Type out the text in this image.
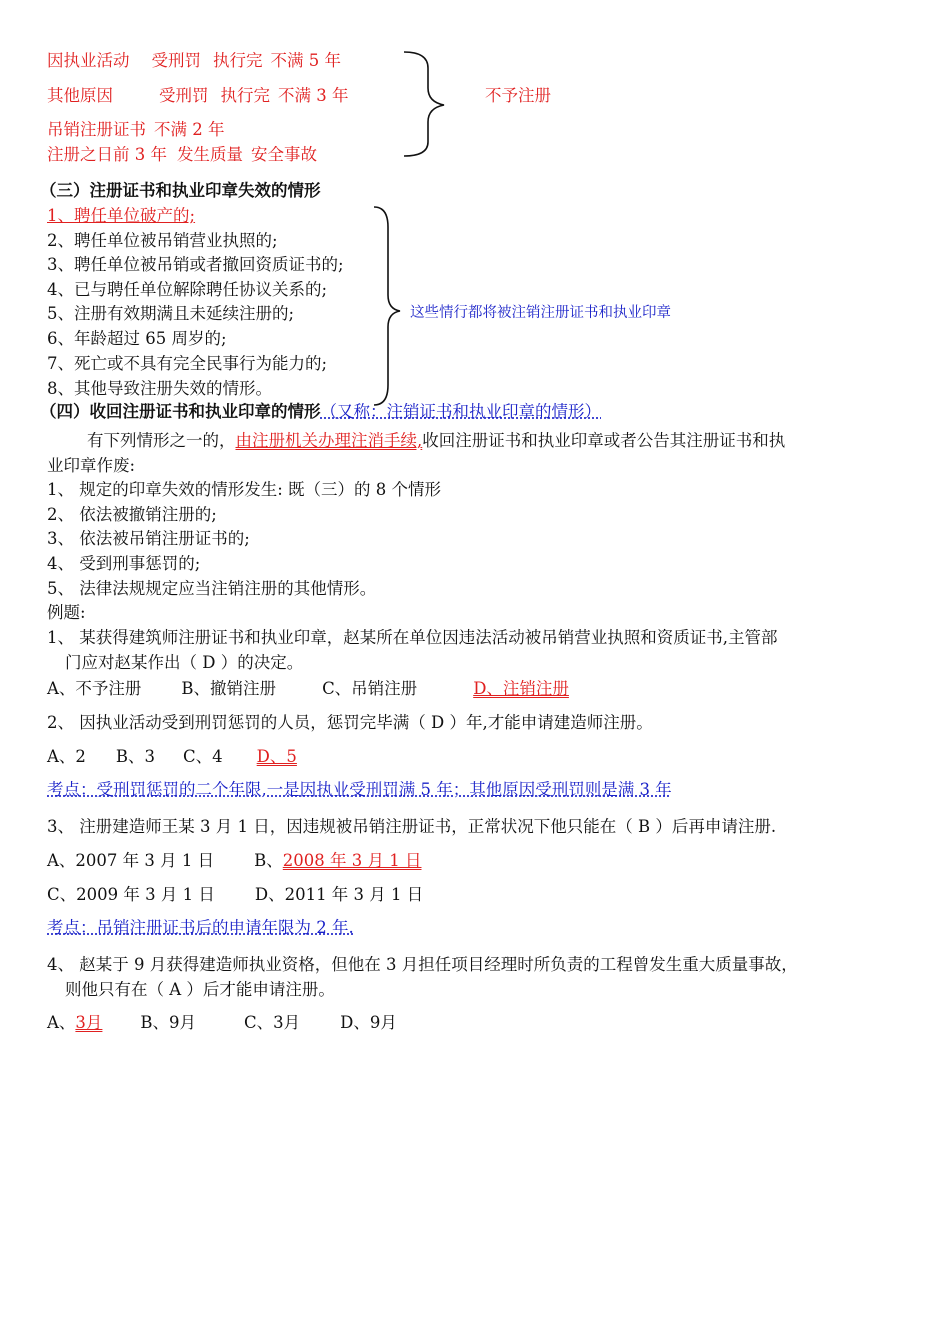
因执业活动 受刑罚 执行完 不满 5 年
其他原因	受刑罚 执行完 不满 3 年
吊销注册证书 不满 2 年
注册之日前 3 年 发生质量 安全事故
不予注册
（三）注册证书和执业印章失效的情形
1、聘任单位破产的;
2、聘任单位被吊销营业执照的;
3、聘任单位被吊销或者撤回资质证书的;
4、已与聘任单位解除聘任协议关系的;
5、注册有效期满且未延续注册的;
6、年龄超过 65 周岁的;
7、死亡或不具有完全民事行为能力的;
8、其他导致注册失效的情形。
这些情行都将被注销注册证书和执业印章
（四）收回注册证书和执业印章的情形（又称：注销证书和执业印章的情形）
有下列情形之一的，由注册机关办理注消手续,收回注册证书和执业印章或者公告其注册证书和执
业印章作废:
1、 规定的印章失效的情形发生: 既（三）的 8 个情形
2、 依法被撤销注册的;
3、 依法被吊销注册证书的;
4、 受到刑事惩罚的;
5、 法律法规规定应当注销注册的其他情形。
例题:
1、 某获得建筑师注册证书和执业印章，赵某所在单位因违法活动被吊销营业执照和资质证书,主管部
门应对赵某作出（ D ）的决定。
A、不予注册 B、撤销注册	C、吊销注册	D、注销注册
2、 因执业活动受到刑罚惩罚的人员，惩罚完毕满（ D ）年,才能申请建造师注册。
A、2 B、3 C、4 D、5
考点：受刑罚惩罚的二个年限,一是因执业受刑罚满 5 年；其他原因受刑罚则是满 3 年
3、 注册建造师王某 3 月 1 日，因违规被吊销注册证书，正常状况下他只能在（ B ）后再申请注册.
A、2007 年 3 月 1 日 B、2008 年 3 月 1 日
C、2009 年 3 月 1 日 D、2011 年 3 月 1 日
考点：吊销注册证书后的申请年限为 2 年.
4、 赵某于 9 月获得建造师执业资格，但他在 3 月担任项目经理时所负责的工程曾发生重大质量事故，
则他只有在（ A ）后才能申请注册。
A、3月 B、9月	C、3月 D、9月
